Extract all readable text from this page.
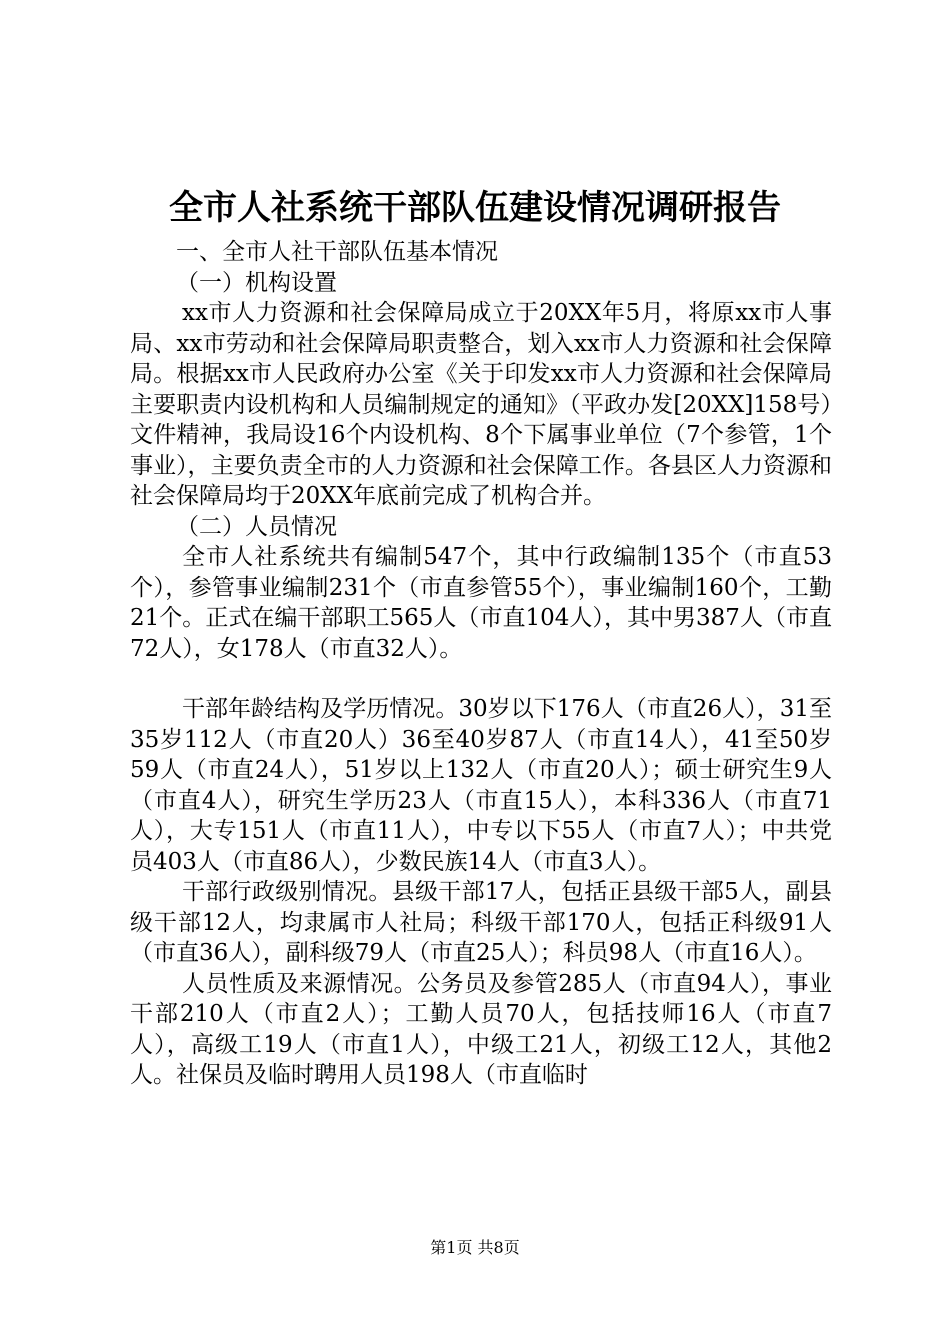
全市人社系统干部队伍建设情况调研报告

一、全市人社干部队伍基本情况

（一）机构设置

xx市人力资源和社会保障局成立于20XX年5月，将原xx市人事局、xx市劳动和社会保障局职责整合，划入xx市人力资源和社会保障局。根据xx市人民政府办公室《关于印发xx市人力资源和社会保障局主要职责内设机构和人员编制规定的通知》（平政办发[20XX]158号）文件精神，我局设16个内设机构、8个下属事业单位（7个参管，1个事业），主要负责全市的人力资源和社会保障工作。各县区人力资源和社会保障局均于20XX年底前完成了机构合并。

（二）人员情况

全市人社系统共有编制547个，其中行政编制135个（市直53个），参管事业编制231个（市直参管55个），事业编制160个，工勤21个。正式在编干部职工565人（市直104人），其中男387人（市直72人），女178人（市直32人）。

干部年龄结构及学历情况。30岁以下176人（市直26人），31至35岁112人（市直20人）36至40岁87人（市直14人），41至50岁59人（市直24人），51岁以上132人（市直20人）；硕士研究生9人（市直4人），研究生学历23人（市直15人），本科336人（市直71人），大专151人（市直11人），中专以下55人（市直7人）；中共党员403人（市直86人），少数民族14人（市直3人）。

干部行政级别情况。县级干部17人，包括正县级干部5人，副县级干部12人，均隶属市人社局；科级干部170人，包括正科级91人（市直36人），副科级79人（市直25人）；科员98人（市直16人）。

人员性质及来源情况。公务员及参管285人（市直94人），事业干部210人（市直2人）；工勤人员70人，包括技师16人（市直7人），高级工19人（市直1人），中级工21人，初级工12人，其他2人。社保员及临时聘用人员198人（市直临时

第1页 共8页
